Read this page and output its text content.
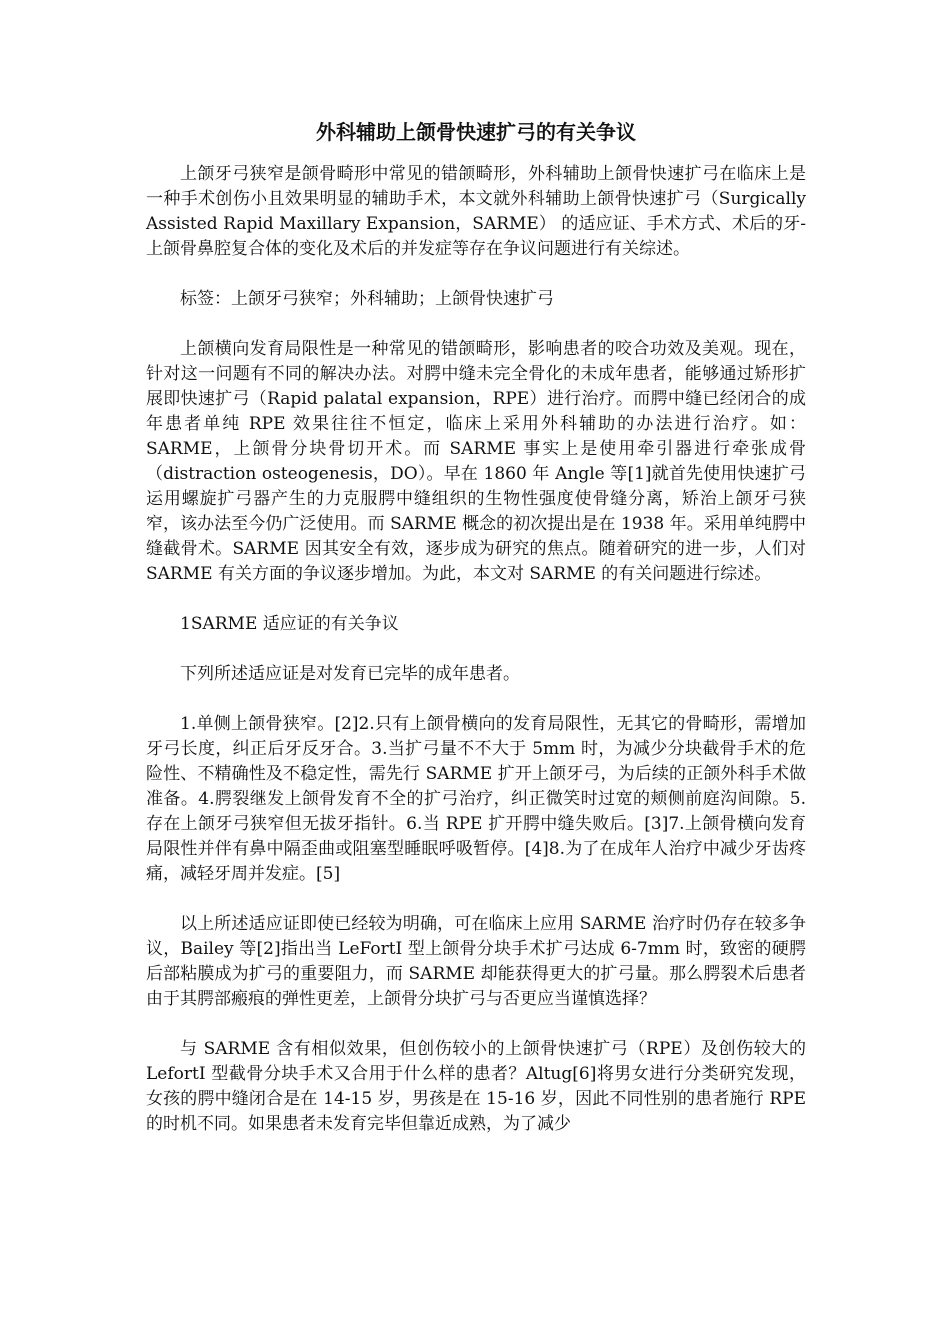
外科辅助上颌骨快速扩弓的有关争议

上颌牙弓狭窄是颌骨畸形中常见的错颌畸形，外科辅助上颌骨快速扩弓在临床上是一种手术创伤小且效果明显的辅助手术，本文就外科辅助上颌骨快速扩弓（Surgically Assisted Rapid Maxillary Expansion，SARME） 的适应证、手术方式、术后的牙-上颌骨鼻腔复合体的变化及术后的并发症等存在争议问题进行有关综述。

标签：上颌牙弓狭窄；外科辅助；上颌骨快速扩弓

上颌横向发育局限性是一种常见的错颌畸形，影响患者的咬合功效及美观。现在，针对这一问题有不同的解决办法。对腭中缝未完全骨化的未成年患者，能够通过矫形扩展即快速扩弓（Rapid palatal expansion，RPE）进行治疗。而腭中缝已经闭合的成年患者单纯 RPE 效果往往不恒定，临床上采用外科辅助的办法进行治疗。如：SARME，上颌骨分块骨切开术。而 SARME 事实上是使用牵引器进行牵张成骨（distraction osteogenesis，DO）。早在 1860 年 Angle 等[1]就首先使用快速扩弓运用螺旋扩弓器产生的力克服腭中缝组织的生物性强度使骨缝分离，矫治上颌牙弓狭窄，该办法至今仍广泛使用。而 SARME 概念的初次提出是在 1938 年。采用单纯腭中缝截骨术。SARME 因其安全有效，逐步成为研究的焦点。随着研究的进一步，人们对 SARME 有关方面的争议逐步增加。为此，本文对 SARME 的有关问题进行综述。

1SARME 适应证的有关争议

下列所述适应证是对发育已完毕的成年患者。

1.单侧上颌骨狭窄。[2]2.只有上颌骨横向的发育局限性，无其它的骨畸形，需增加牙弓长度，纠正后牙反牙合。3.当扩弓量不不大于 5mm 时，为减少分块截骨手术的危险性、不精确性及不稳定性，需先行 SARME 扩开上颌牙弓，为后续的正颌外科手术做准备。4.腭裂继发上颌骨发育不全的扩弓治疗，纠正微笑时过宽的颊侧前庭沟间隙。5.存在上颌牙弓狭窄但无拔牙指针。6.当 RPE 扩开腭中缝失败后。[3]7.上颌骨横向发育局限性并伴有鼻中隔歪曲或阻塞型睡眠呼吸暂停。[4]8.为了在成年人治疗中减少牙齿疼痛，减轻牙周并发症。[5]

以上所述适应证即使已经较为明确，可在临床上应用 SARME 治疗时仍存在较多争议，Bailey 等[2]指出当 LeFortI 型上颌骨分块手术扩弓达成 6-7mm 时，致密的硬腭后部粘膜成为扩弓的重要阻力，而 SARME 却能获得更大的扩弓量。那么腭裂术后患者由于其腭部瘢痕的弹性更差，上颌骨分块扩弓与否更应当谨慎选择？

与 SARME 含有相似效果，但创伤较小的上颌骨快速扩弓（RPE）及创伤较大的 LefortI 型截骨分块手术又合用于什么样的患者？Altug[6]将男女进行分类研究发现，女孩的腭中缝闭合是在 14-15 岁，男孩是在 15-16 岁，因此不同性别的患者施行 RPE 的时机不同。如果患者未发育完毕但靠近成熟，为了减少
